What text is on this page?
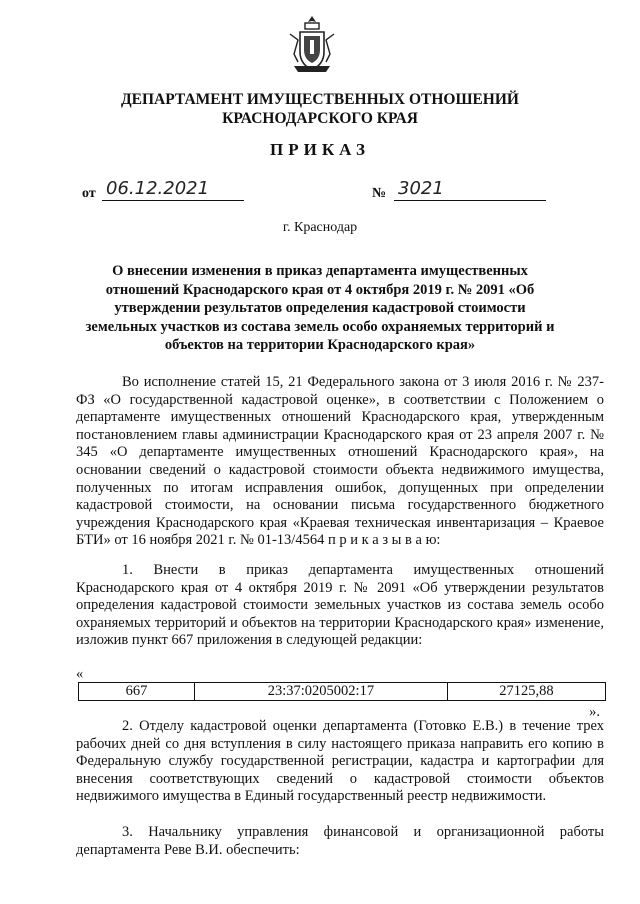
ДЕПАРТАМЕНТ ИМУЩЕСТВЕННЫХ ОТНОШЕНИЙ
КРАСНОДАРСКОГО КРАЯ
ПРИКАЗ
от 06.12.2021	№ 3021
г. Краснодар
О внесении изменения в приказ департамента имущественных отношений Краснодарского края от 4 октября 2019 г. № 2091 «Об утверждении результатов определения кадастровой стоимости земельных участков из состава земель особо охраняемых территорий и объектов на территории Краснодарского края»
Во исполнение статей 15, 21 Федерального закона от 3 июля 2016 г. № 237-ФЗ «О государственной кадастровой оценке», в соответствии с Положением о департаменте имущественных отношений Краснодарского края, утвержденным постановлением главы администрации Краснодарского края от 23 апреля 2007 г. № 345 «О департаменте имущественных отношений Краснодарского края», на основании сведений о кадастровой стоимости объекта недвижимого имущества, полученных по итогам исправления ошибок, допущенных при определении кадастровой стоимости, на основании письма государственного бюджетного учреждения Краснодарского края «Краевая техническая инвентаризация – Краевое БТИ» от 16 ноября 2021 г. № 01-13/4564 п р и к а з ы в а ю:
1. Внести в приказ департамента имущественных отношений Краснодарского края от 4 октября 2019 г. № 2091 «Об утверждении результатов определения кадастровой стоимости земельных участков из состава земель особо охраняемых территорий и объектов на территории Краснодарского края» изменение, изложив пункт 667 приложения в следующей редакции:
«
667	23:37:0205002:17	27125,88
».
2. Отделу кадастровой оценки департамента (Готовко Е.В.) в течение трех рабочих дней со дня вступления в силу настоящего приказа направить его копию в Федеральную службу государственной регистрации, кадастра и картографии для внесения соответствующих сведений о кадастровой стоимости объектов недвижимого имущества в Единый государственный реестр недвижимости.
3. Начальнику управления финансовой и организационной работы департамента Реве В.И. обеспечить:
